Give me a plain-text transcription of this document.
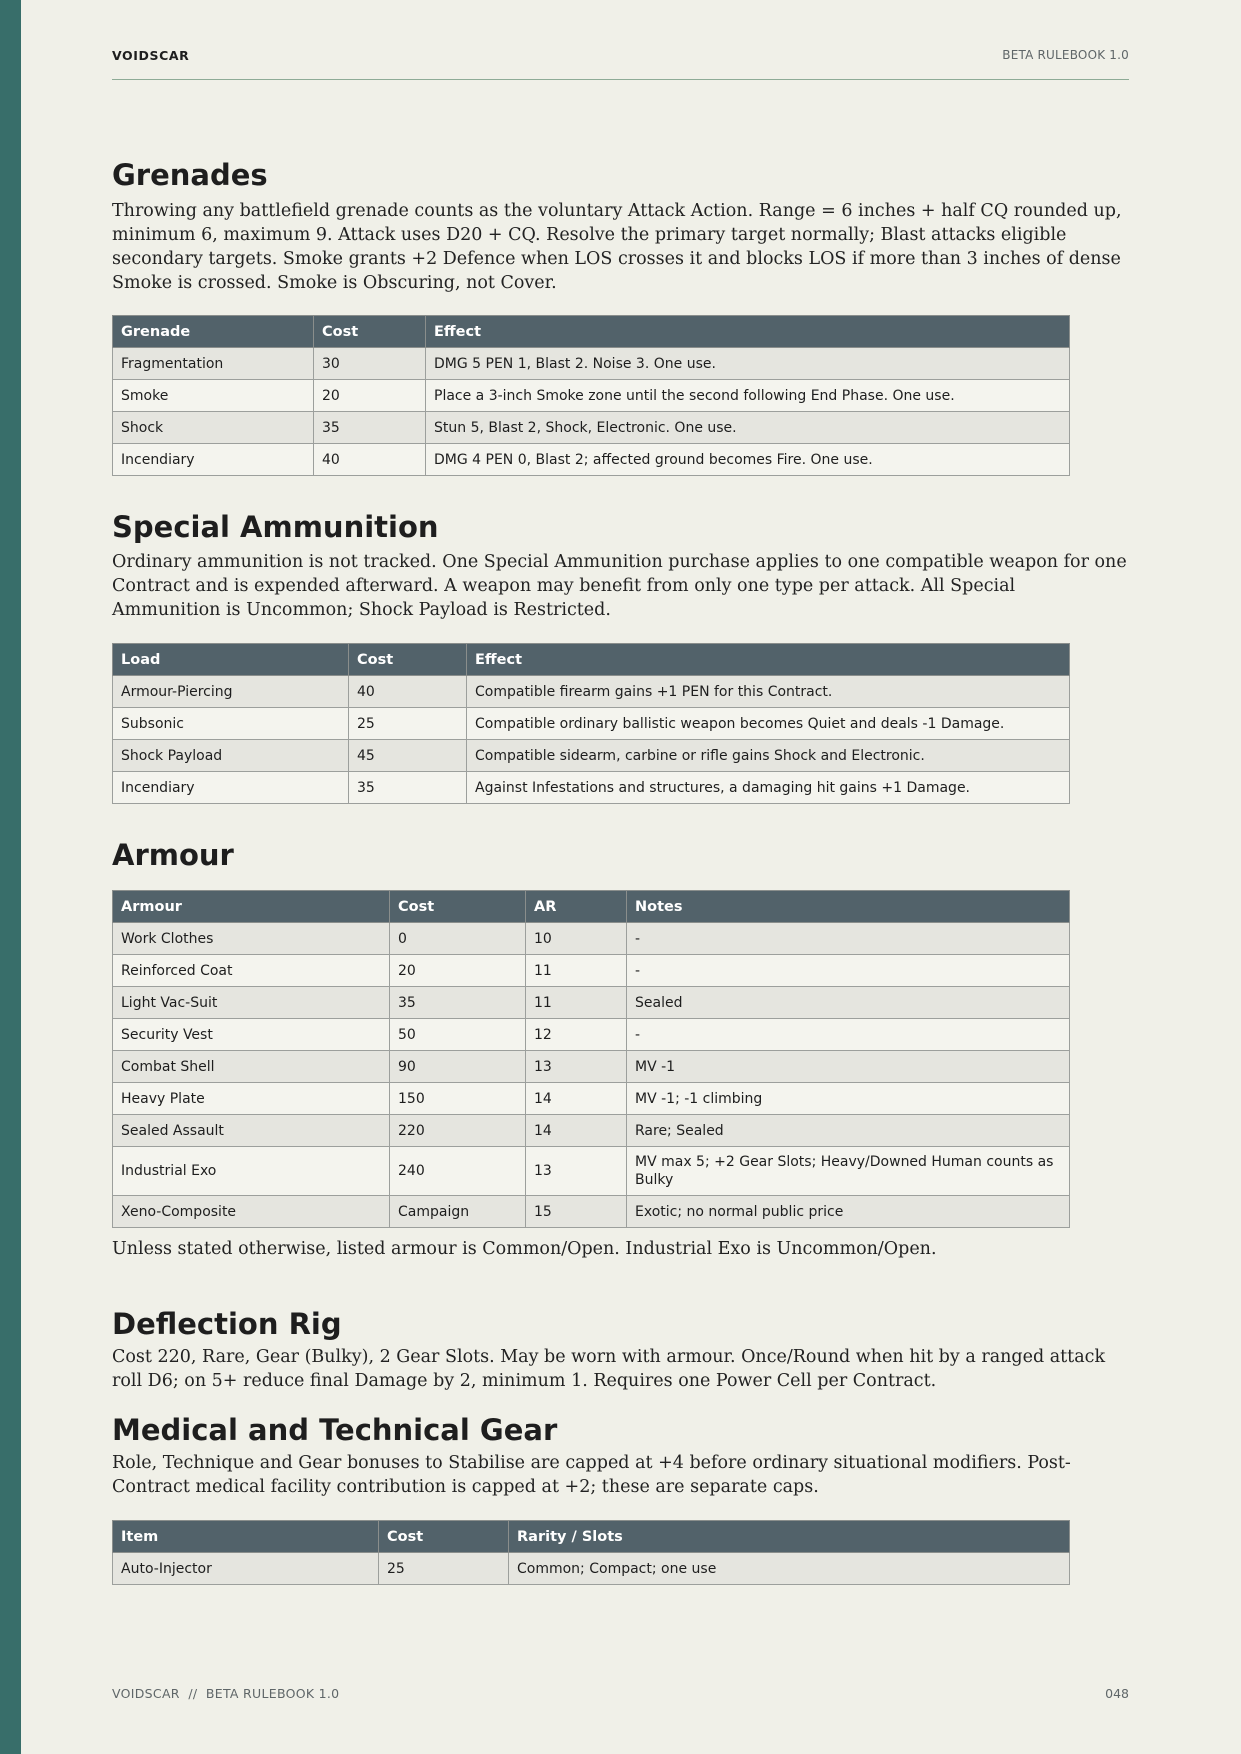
VOIDSCAR	BETA RULEBOOK 1.0
Grenades

Throwing any battlefield grenade counts as the voluntary Attack Action. Range = 6 inches + half CQ rounded up, minimum 6, maximum 9. Attack uses D20 + CQ. Resolve the primary target normally; Blast attacks eligible secondary targets. Smoke grants +2 Defence when LOS crosses it and blocks LOS if more than 3 inches of dense Smoke is crossed. Smoke is Obscuring, not Cover.

Grenade	Cost	Effect
Fragmentation	30	DMG 5 PEN 1, Blast 2. Noise 3. One use.
Smoke	20	Place a 3-inch Smoke zone until the second following End Phase. One use.
Shock	35	Stun 5, Blast 2, Shock, Electronic. One use.
Incendiary	40	DMG 4 PEN 0, Blast 2; affected ground becomes Fire. One use.
Special Ammunition

Ordinary ammunition is not tracked. One Special Ammunition purchase applies to one compatible weapon for one Contract and is expended afterward. A weapon may benefit from only one type per attack. All Special Ammunition is Uncommon; Shock Payload is Restricted.

Load	Cost	Effect
Armour-Piercing	40	Compatible firearm gains +1 PEN for this Contract.
Subsonic	25	Compatible ordinary ballistic weapon becomes Quiet and deals -1 Damage.
Shock Payload	45	Compatible sidearm, carbine or rifle gains Shock and Electronic.
Incendiary	35	Against Infestations and structures, a damaging hit gains +1 Damage.
Armour
Armour	Cost	AR	Notes
Work Clothes	0	10	-
Reinforced Coat	20	11	-
Light Vac-Suit	35	11	Sealed
Security Vest	50	12	-
Combat Shell	90	13	MV -1
Heavy Plate	150	14	MV -1; -1 climbing
Sealed Assault	220	14	Rare; Sealed
Industrial Exo	240	13	MV max 5; +2 Gear Slots; Heavy/Downed Human counts as Bulky
Xeno-Composite	Campaign	15	Exotic; no normal public price

Unless stated otherwise, listed armour is Common/Open. Industrial Exo is Uncommon/Open.

Deflection Rig

Cost 220, Rare, Gear (Bulky), 2 Gear Slots. May be worn with armour. Once/Round when hit by a ranged attack roll D6; on 5+ reduce final Damage by 2, minimum 1. Requires one Power Cell per Contract.

Medical and Technical Gear

Role, Technique and Gear bonuses to Stabilise are capped at +4 before ordinary situational modifiers. Post-Contract medical facility contribution is capped at +2; these are separate caps.

Item	Cost	Rarity / Slots
Auto-Injector	25	Common; Compact; one use
VOIDSCAR  //  BETA RULEBOOK 1.0	048
